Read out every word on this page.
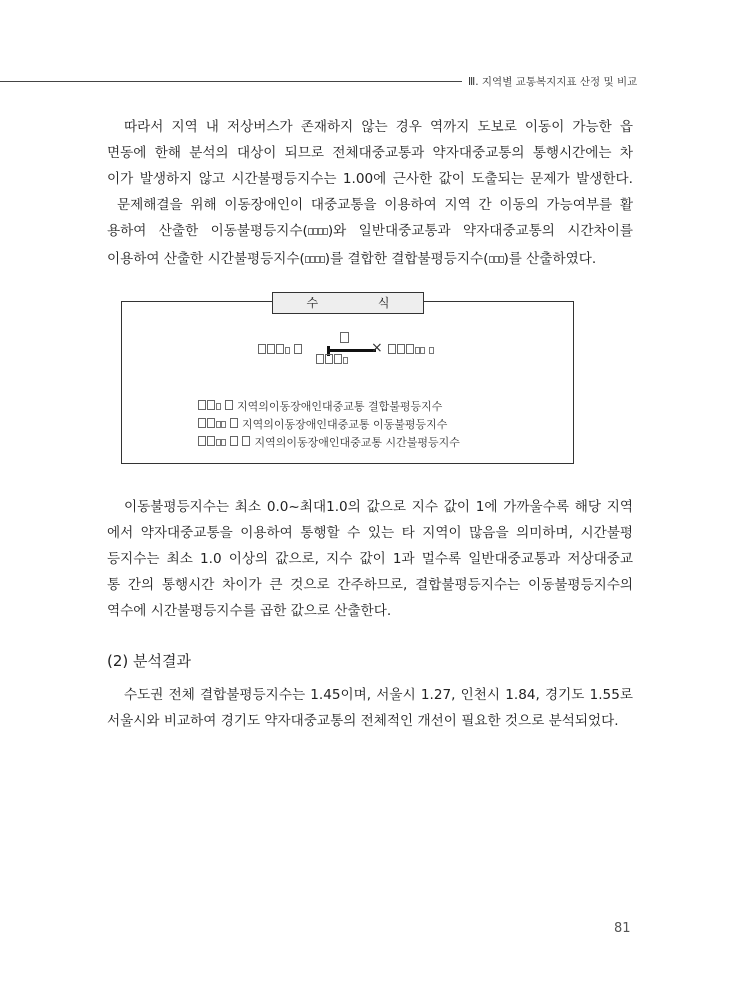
Ⅲ. 지역별 교통복지지표 산정 및 비교
따라서 지역 내 저상버스가 존재하지 않는 경우 역까지 도보로 이동이 가능한 읍
면동에 한해 분석의 대상이 되므로 전체대중교통과 약자대중교통의 통행시간에는 차
이가 발생하지 않고 시간불평등지수는 1.00에 근사한 값이 도출되는 문제가 발생한다.
문제해결을 위해 이동장애인이 대중교통을 이용하여 지역 간 이동의 가능여부를 활
용하여 산출한 이동불평등지수( )와 일반대중교통과 약자대중교통의 시간차이를
이용하여 산출한 시간불평등지수( )를 결합한 결합불평등지수( )를 산출하였다.
수 식

×

지역의이동장애인대중교통 결합불평등지수
지역의이동장애인대중교통 이동불평등지수
지역의이동장애인대중교통 시간불평등지수
이동불평등지수는 최소 0.0~최대1.0의 값으로 지수 값이 1에 가까울수록 해당 지역
에서 약자대중교통을 이용하여 통행할 수 있는 타 지역이 많음을 의미하며, 시간불평
등지수는 최소 1.0 이상의 값으로, 지수 값이 1과 멀수록 일반대중교통과 저상대중교
통 간의 통행시간 차이가 큰 것으로 간주하므로, 결합불평등지수는 이동불평등지수의
역수에 시간불평등지수를 곱한 값으로 산출한다.
(2) 분석결과
수도권 전체 결합불평등지수는 1.45이며, 서울시 1.27, 인천시 1.84, 경기도 1.55로
서울시와 비교하여 경기도 약자대중교통의 전체적인 개선이 필요한 것으로 분석되었다.
81
